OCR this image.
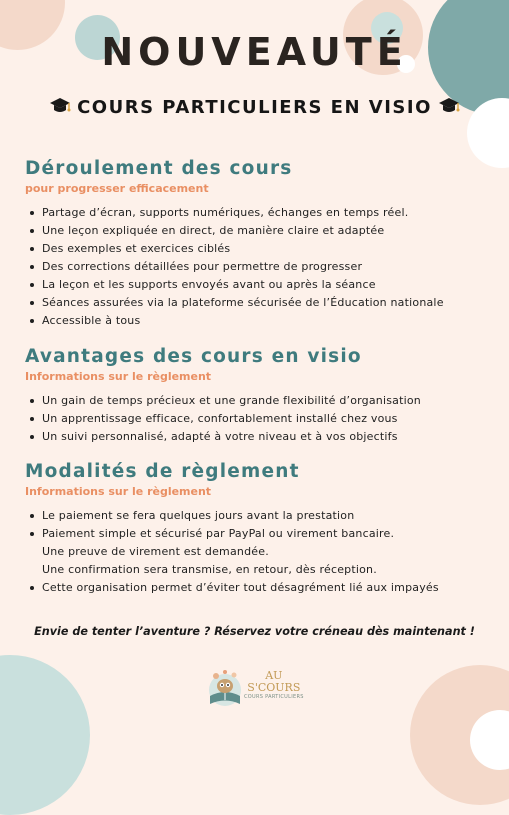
NOUVEAUTÉ
COURS PARTICULIERS EN VISIO
Déroulement des cours
pour progresser efficacement
Partage d’écran, supports numériques, échanges en temps réel.
Une leçon expliquée en direct, de manière claire et adaptée
Des exemples et exercices ciblés
Des corrections détaillées pour permettre de progresser
La leçon et les supports envoyés avant ou après la séance
Séances assurées via la plateforme sécurisée de l’Éducation nationale
Accessible à tous
Avantages des cours en visio
Informations sur le règlement
Un gain de temps précieux et une grande flexibilité d’organisation
Un apprentissage efficace, confortablement installé chez vous
Un suivi personnalisé, adapté à votre niveau et à vos objectifs
Modalités de règlement
Informations sur le règlement
Le paiement se fera quelques jours avant la prestation
Paiement simple et sécurisé par PayPal ou virement bancaire.
Une preuve de virement est demandée.
Une confirmation sera transmise, en retour, dès réception.
Cette organisation permet d’éviter tout désagrément lié aux impayés
Envie de tenter l’aventure ? Réservez votre créneau dès maintenant !
AU
S'COURS
COURS PARTICULIERS
